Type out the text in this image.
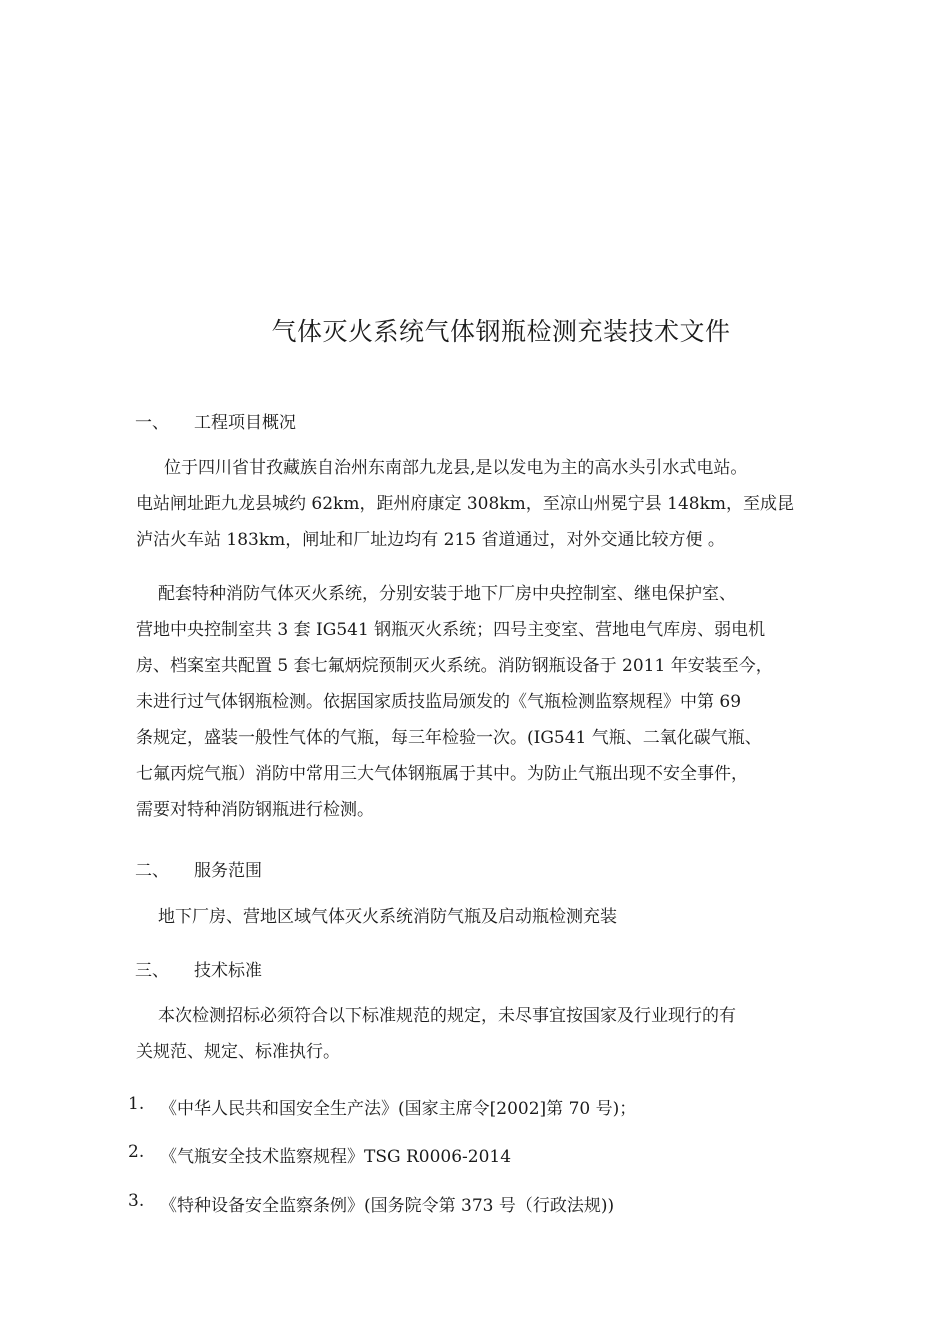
气体灭火系统气体钢瓶检测充装技术文件
一、	工程项目概况
位于四川省甘孜藏族自治州东南部九龙县,是以发电为主的高水头引水式电站。
电站闸址距九龙县城约 62km，距州府康定 308km，至凉山州冕宁县 148km，至成昆
泸沽火车站 183km，闸址和厂址边均有 215 省道通过，对外交通比较方便 。
配套特种消防气体灭火系统，分别安装于地下厂房中央控制室、继电保护室、
营地中央控制室共 3 套 IG541 钢瓶灭火系统；四号主变室、营地电气库房、弱电机
房、档案室共配置 5 套七氟炳烷预制灭火系统。消防钢瓶设备于 2011 年安装至今，
未进行过气体钢瓶检测。依据国家质技监局颁发的《气瓶检测监察规程》中第 69
条规定，盛装一般性气体的气瓶，每三年检验一次。(IG541 气瓶、二氧化碳气瓶、
七氟丙烷气瓶）消防中常用三大气体钢瓶属于其中。为防止气瓶出现不安全事件，
需要对特种消防钢瓶进行检测。
二、	服务范围
地下厂房、营地区域气体灭火系统消防气瓶及启动瓶检测充装
三、	技术标准
本次检测招标必须符合以下标准规范的规定，未尽事宜按国家及行业现行的有
关规范、规定、标准执行。
1. 《中华人民共和国安全生产法》(国家主席令[2002]第 70 号)；
2. 《气瓶安全技术监察规程》TSG R0006-2014
3. 《特种设备安全监察条例》(国务院令第 373 号（行政法规))
